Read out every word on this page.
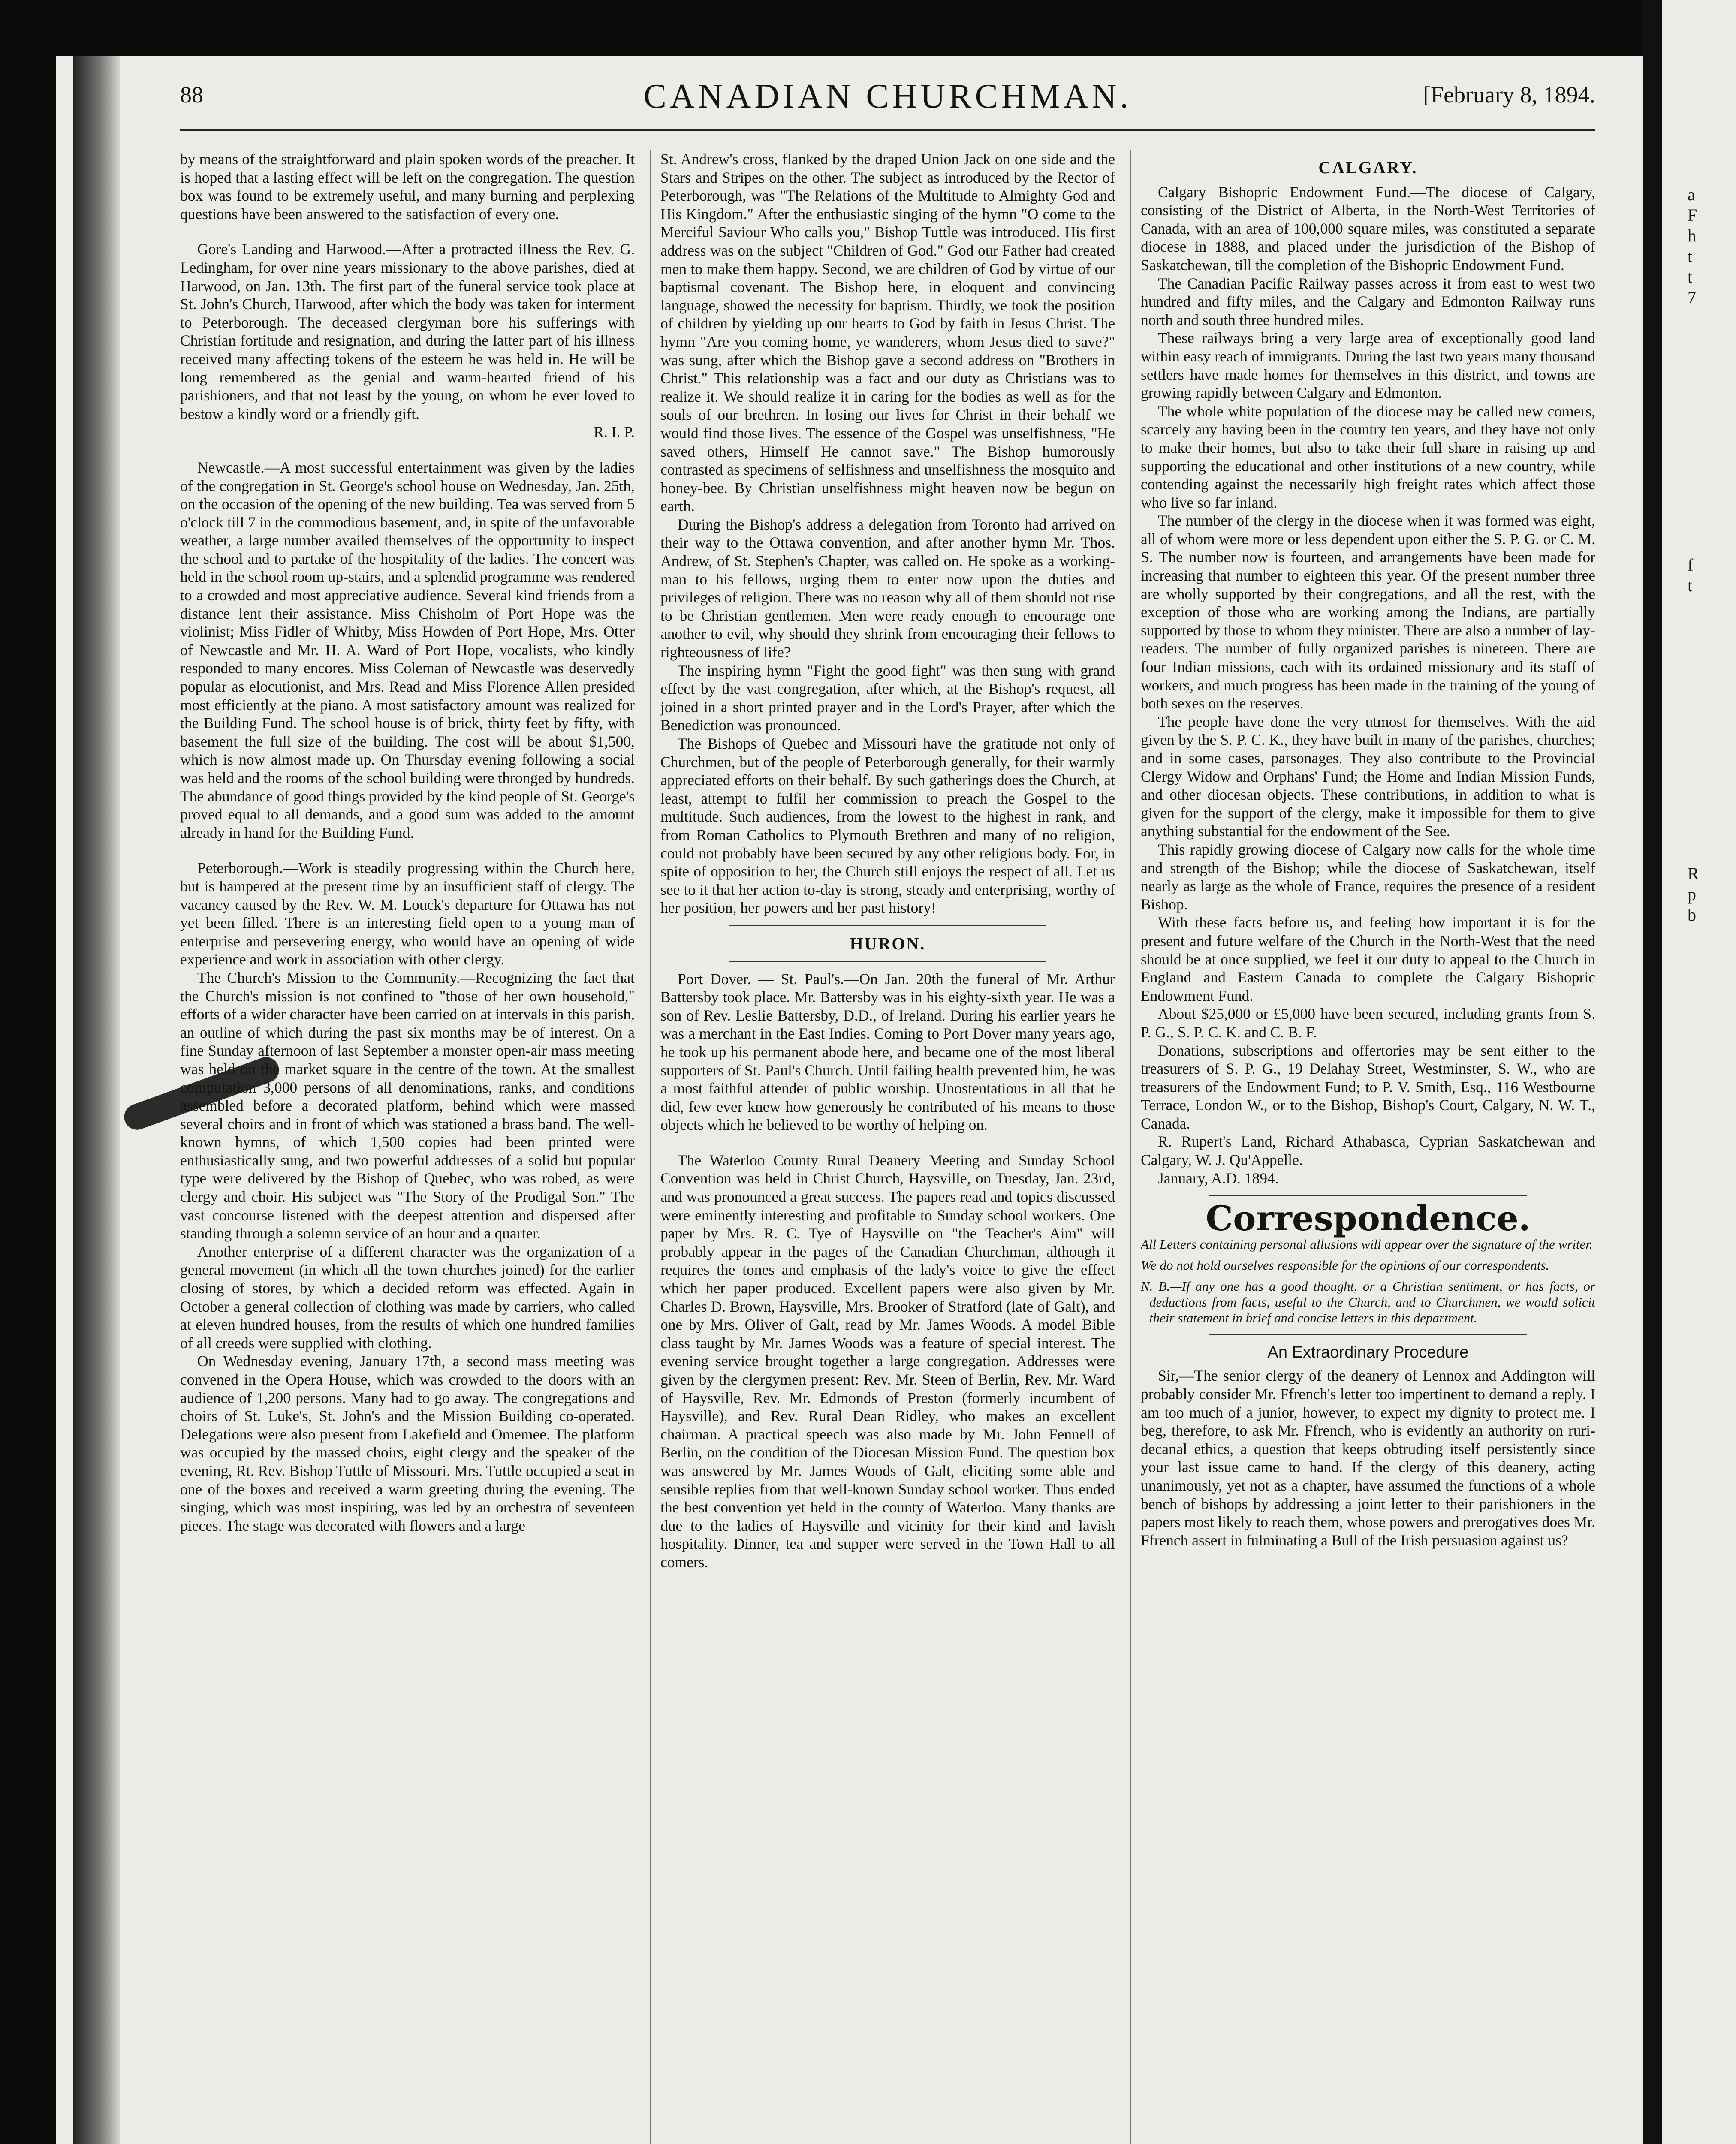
88	CANADIAN CHURCHMAN.	[February 8, 1894.

by means of the straightforward and plain spoken words of the preacher. It is hoped that a lasting effect will be left on the congregation. The question box was found to be extremely useful, and many burning and perplexing questions have been answered to the satisfaction of every one.

Gore's Landing and Harwood.—After a protracted illness the Rev. G. Ledingham, for over nine years missionary to the above parishes, died at Harwood, on Jan. 13th. The first part of the funeral service took place at St. John's Church, Harwood, after which the body was taken for interment to Peterborough. The deceased clergyman bore his sufferings with Christian fortitude and resignation, and during the latter part of his illness received many affecting tokens of the esteem he was held in. He will be long remembered as the genial and warm-hearted friend of his parishioners, and that not least by the young, on whom he ever loved to bestow a kindly word or a friendly gift.

R. I. P.

Newcastle.—A most successful entertainment was given by the ladies of the congregation in St. George's school house on Wednesday, Jan. 25th, on the occasion of the opening of the new building. Tea was served from 5 o'clock till 7 in the commodious basement, and, in spite of the unfavorable weather, a large number availed themselves of the opportunity to inspect the school and to partake of the hospitality of the ladies. The concert was held in the school room up-stairs, and a splendid programme was rendered to a crowded and most appreciative audience. Several kind friends from a distance lent their assistance. Miss Chisholm of Port Hope was the violinist; Miss Fidler of Whitby, Miss Howden of Port Hope, Mrs. Otter of Newcastle and Mr. H. A. Ward of Port Hope, vocalists, who kindly responded to many encores. Miss Coleman of Newcastle was deservedly popular as elocutionist, and Mrs. Read and Miss Florence Allen presided most efficiently at the piano. A most satisfactory amount was realized for the Building Fund. The school house is of brick, thirty feet by fifty, with basement the full size of the building. The cost will be about $1,500, which is now almost made up. On Thursday evening following a social was held and the rooms of the school building were thronged by hundreds. The abundance of good things provided by the kind people of St. George's proved equal to all demands, and a good sum was added to the amount already in hand for the Building Fund.

Peterborough.—Work is steadily progressing within the Church here, but is hampered at the present time by an insufficient staff of clergy. The vacancy caused by the Rev. W. M. Louck's departure for Ottawa has not yet been filled. There is an interesting field open to a young man of enterprise and persevering energy, who would have an opening of wide experience and work in association with other clergy.

The Church's Mission to the Community.—Recognizing the fact that the Church's mission is not confined to "those of her own household," efforts of a wider character have been carried on at intervals in this parish, an outline of which during the past six months may be of interest. On a fine Sunday afternoon of last September a monster open-air mass meeting was held on the market square in the centre of the town. At the smallest computation 3,000 persons of all denominations, ranks, and conditions assembled before a decorated platform, behind which were massed several choirs and in front of which was stationed a brass band. The well-known hymns, of which 1,500 copies had been printed were enthusiastically sung, and two powerful addresses of a solid but popular type were delivered by the Bishop of Quebec, who was robed, as were clergy and choir. His subject was "The Story of the Prodigal Son." The vast concourse listened with the deepest attention and dispersed after standing through a solemn service of an hour and a quarter.

Another enterprise of a different character was the organization of a general movement (in which all the town churches joined) for the earlier closing of stores, by which a decided reform was effected. Again in October a general collection of clothing was made by carriers, who called at eleven hundred houses, from the results of which one hundred families of all creeds were supplied with clothing.

On Wednesday evening, January 17th, a second mass meeting was convened in the Opera House, which was crowded to the doors with an audience of 1,200 persons. Many had to go away. The congregations and choirs of St. Luke's, St. John's and the Mission Building co-operated. Delegations were also present from Lakefield and Omemee. The platform was occupied by the massed choirs, eight clergy and the speaker of the evening, Rt. Rev. Bishop Tuttle of Missouri. Mrs. Tuttle occupied a seat in one of the boxes and received a warm greeting during the evening. The singing, which was most inspiring, was led by an orchestra of seventeen pieces. The stage was decorated with flowers and a large

St. Andrew's cross, flanked by the draped Union Jack on one side and the Stars and Stripes on the other. The subject as introduced by the Rector of Peterborough, was "The Relations of the Multitude to Almighty God and His Kingdom." After the enthusiastic singing of the hymn "O come to the Merciful Saviour Who calls you," Bishop Tuttle was introduced. His first address was on the subject "Children of God." God our Father had created men to make them happy. Second, we are children of God by virtue of our baptismal covenant. The Bishop here, in eloquent and convincing language, showed the necessity for baptism. Thirdly, we took the position of children by yielding up our hearts to God by faith in Jesus Christ. The hymn "Are you coming home, ye wanderers, whom Jesus died to save?" was sung, after which the Bishop gave a second address on "Brothers in Christ." This relationship was a fact and our duty as Christians was to realize it. We should realize it in caring for the bodies as well as for the souls of our brethren. In losing our lives for Christ in their behalf we would find those lives. The essence of the Gospel was unselfishness, "He saved others, Himself He cannot save." The Bishop humorously contrasted as specimens of selfishness and unselfishness the mosquito and honey-bee. By Christian unselfishness might heaven now be begun on earth.

During the Bishop's address a delegation from Toronto had arrived on their way to the Ottawa convention, and after another hymn Mr. Thos. Andrew, of St. Stephen's Chapter, was called on. He spoke as a working-man to his fellows, urging them to enter now upon the duties and privileges of religion. There was no reason why all of them should not rise to be Christian gentlemen. Men were ready enough to encourage one another to evil, why should they shrink from encouraging their fellows to righteousness of life?

The inspiring hymn "Fight the good fight" was then sung with grand effect by the vast congregation, after which, at the Bishop's request, all joined in a short printed prayer and in the Lord's Prayer, after which the Benediction was pronounced.

The Bishops of Quebec and Missouri have the gratitude not only of Churchmen, but of the people of Peterborough generally, for their warmly appreciated efforts on their behalf. By such gatherings does the Church, at least, attempt to fulfil her commission to preach the Gospel to the multitude. Such audiences, from the lowest to the highest in rank, and from Roman Catholics to Plymouth Brethren and many of no religion, could not probably have been secured by any other religious body. For, in spite of opposition to her, the Church still enjoys the respect of all. Let us see to it that her action to-day is strong, steady and enterprising, worthy of her position, her powers and her past history!

HURON.

Port Dover. — St. Paul's.—On Jan. 20th the funeral of Mr. Arthur Battersby took place. Mr. Battersby was in his eighty-sixth year. He was a son of Rev. Leslie Battersby, D.D., of Ireland. During his earlier years he was a merchant in the East Indies. Coming to Port Dover many years ago, he took up his permanent abode here, and became one of the most liberal supporters of St. Paul's Church. Until failing health prevented him, he was a most faithful attender of public worship. Unostentatious in all that he did, few ever knew how generously he contributed of his means to those objects which he believed to be worthy of helping on.

The Waterloo County Rural Deanery Meeting and Sunday School Convention was held in Christ Church, Haysville, on Tuesday, Jan. 23rd, and was pronounced a great success. The papers read and topics discussed were eminently interesting and profitable to Sunday school workers. One paper by Mrs. R. C. Tye of Haysville on "the Teacher's Aim" will probably appear in the pages of the Canadian Churchman, although it requires the tones and emphasis of the lady's voice to give the effect which her paper produced. Excellent papers were also given by Mr. Charles D. Brown, Haysville, Mrs. Brooker of Stratford (late of Galt), and one by Mrs. Oliver of Galt, read by Mr. James Woods. A model Bible class taught by Mr. James Woods was a feature of special interest. The evening service brought together a large congregation. Addresses were given by the clergymen present: Rev. Mr. Steen of Berlin, Rev. Mr. Ward of Haysville, Rev. Mr. Edmonds of Preston (formerly incumbent of Haysville), and Rev. Rural Dean Ridley, who makes an excellent chairman. A practical speech was also made by Mr. John Fennell of Berlin, on the condition of the Diocesan Mission Fund. The question box was answered by Mr. James Woods of Galt, eliciting some able and sensible replies from that well-known Sunday school worker. Thus ended the best convention yet held in the county of Waterloo. Many thanks are due to the ladies of Haysville and vicinity for their kind and lavish hospitality. Dinner, tea and supper were served in the Town Hall to all comers.

CALGARY.

Calgary Bishopric Endowment Fund.—The diocese of Calgary, consisting of the District of Alberta, in the North-West Territories of Canada, with an area of 100,000 square miles, was constituted a separate diocese in 1888, and placed under the jurisdiction of the Bishop of Saskatchewan, till the completion of the Bishopric Endowment Fund.

The Canadian Pacific Railway passes across it from east to west two hundred and fifty miles, and the Calgary and Edmonton Railway runs north and south three hundred miles.

These railways bring a very large area of exceptionally good land within easy reach of immigrants. During the last two years many thousand settlers have made homes for themselves in this district, and towns are growing rapidly between Calgary and Edmonton.

The whole white population of the diocese may be called new comers, scarcely any having been in the country ten years, and they have not only to make their homes, but also to take their full share in raising up and supporting the educational and other institutions of a new country, while contending against the necessarily high freight rates which affect those who live so far inland.

The number of the clergy in the diocese when it was formed was eight, all of whom were more or less dependent upon either the S. P. G. or C. M. S. The number now is fourteen, and arrangements have been made for increasing that number to eighteen this year. Of the present number three are wholly supported by their congregations, and all the rest, with the exception of those who are working among the Indians, are partially supported by those to whom they minister. There are also a number of lay-readers. The number of fully organized parishes is nineteen. There are four Indian missions, each with its ordained missionary and its staff of workers, and much progress has been made in the training of the young of both sexes on the reserves.

The people have done the very utmost for themselves. With the aid given by the S. P. C. K., they have built in many of the parishes, churches; and in some cases, parsonages. They also contribute to the Provincial Clergy Widow and Orphans' Fund; the Home and Indian Mission Funds, and other diocesan objects. These contributions, in addition to what is given for the support of the clergy, make it impossible for them to give anything substantial for the endowment of the See.

This rapidly growing diocese of Calgary now calls for the whole time and strength of the Bishop; while the diocese of Saskatchewan, itself nearly as large as the whole of France, requires the presence of a resident Bishop.

With these facts before us, and feeling how important it is for the present and future welfare of the Church in the North-West that the need should be at once supplied, we feel it our duty to appeal to the Church in England and Eastern Canada to complete the Calgary Bishopric Endowment Fund.

About $25,000 or £5,000 have been secured, including grants from S. P. G., S. P. C. K. and C. B. F.

Donations, subscriptions and offertories may be sent either to the treasurers of S. P. G., 19 Delahay Street, Westminster, S. W., who are treasurers of the Endowment Fund; to P. V. Smith, Esq., 116 Westbourne Terrace, London W., or to the Bishop, Bishop's Court, Calgary, N. W. T., Canada.

R. Rupert's Land, Richard Athabasca, Cyprian Saskatchewan and Calgary, W. J. Qu'Appelle.

January, A.D. 1894.

Correspondence.

All Letters containing personal allusions will appear over the signature of the writer.

We do not hold ourselves responsible for the opinions of our correspondents.

N. B.—If any one has a good thought, or a Christian sentiment, or has facts, or deductions from facts, useful to the Church, and to Churchmen, we would solicit their statement in brief and concise letters in this department.

An Extraordinary Procedure

Sir,—The senior clergy of the deanery of Lennox and Addington will probably consider Mr. Ffrench's letter too impertinent to demand a reply. I am too much of a junior, however, to expect my dignity to protect me. I beg, therefore, to ask Mr. Ffrench, who is evidently an authority on ruri-decanal ethics, a question that keeps obtruding itself persistently since your last issue came to hand. If the clergy of this deanery, acting unanimously, yet not as a chapter, have assumed the functions of a whole bench of bishops by addressing a joint letter to their parishioners in the papers most likely to reach them, whose powers and prerogatives does Mr. Ffrench assert in fulminating a Bull of the Irish persuasion against us?

a
F
h
t
t
7

f
t

R
p
b
